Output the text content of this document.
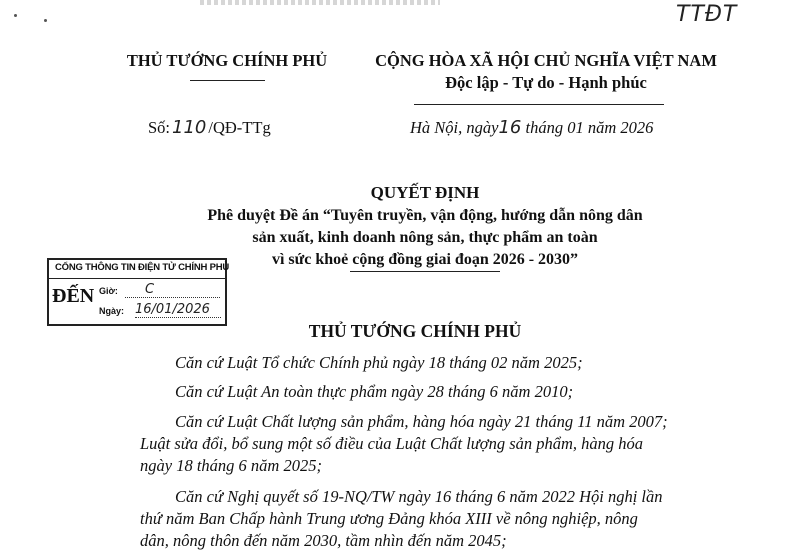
TTĐT
THỦ TƯỚNG CHÍNH PHỦ	CỘNG HÒA XÃ HỘI CHỦ NGHĨA VIỆT NAM
Độc lập - Tự do - Hạnh phúc
Số: 110 /QĐ-TTg	Hà Nội, ngày16 tháng 01 năm 2026
QUYẾT ĐỊNH
Phê duyệt Đề án “Tuyên truyền, vận động, hướng dẫn nông dân
sản xuất, kinh doanh nông sản, thực phẩm an toàn
vì sức khoẻ cộng đồng giai đoạn 2026 - 2030”
CỔNG THÔNG TIN ĐIỆN TỬ CHÍNH PHỦ
ĐẾN Giờ:	C
Ngày: 16/01/2026
THỦ TƯỚNG CHÍNH PHỦ
Căn cứ Luật Tổ chức Chính phủ ngày 18 tháng 02 năm 2025;
Căn cứ Luật An toàn thực phẩm ngày 28 tháng 6 năm 2010;
Căn cứ Luật Chất lượng sản phẩm, hàng hóa ngày 21 tháng 11 năm 2007;
Luật sửa đổi, bổ sung một số điều của Luật Chất lượng sản phẩm, hàng hóa
ngày 18 tháng 6 năm 2025;
Căn cứ Nghị quyết số 19-NQ/TW ngày 16 tháng 6 năm 2022 Hội nghị lần
thứ năm Ban Chấp hành Trung ương Đảng khóa XIII về nông nghiệp, nông
dân, nông thôn đến năm 2030, tầm nhìn đến năm 2045;
